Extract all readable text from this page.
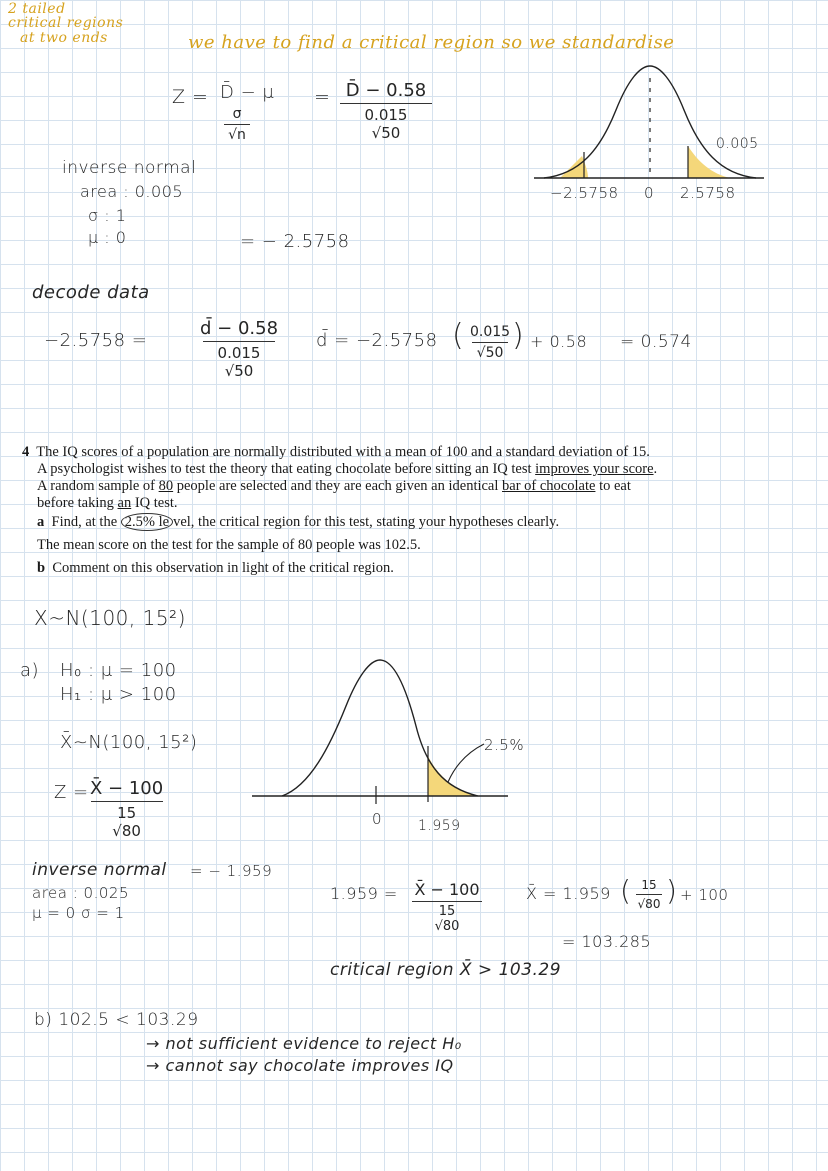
2 tailed
critical regions
at two ends	we have to find a critical region so we standardise
Z = D̄ − μ
σ
√n
= D̄ − 0.58
0.015
√50
inverse normal
area : 0.005
σ : 1
μ : 0	= − 2.5758
0.005
−2.5758 0 2.5758
decode data
−2.5758 =
d̄ − 0.58
0.015
√50
d̄ = −2.5758 ( 0.015
√50 ) + 0.58 = 0.574

4 The IQ scores of a population are normally distributed with a mean of 100 and a standard deviation of 15. A psychologist wishes to test the theory that eating chocolate before sitting an IQ test improves your score. A random sample of 80 people are selected and they are each given an identical bar of chocolate to eat before taking an IQ test.

a Find, at the 2.5% le vel, the critical region for this test, stating your hypotheses clearly.

The mean score on the test for the sample of 80 people was 102.5.

b Comment on this observation in light of the critical region.

X~N(100, 15²)
a) H₀ : μ = 100
H₁ : μ > 100
X̄~N(100, 15²)
Z = X̄ − 100
15
√80
inverse normal
area : 0.025
μ = 0 σ = 1
= − 1.959
0	1.959
2.5%
1.959 = X̄ − 100
15
√80
X̄ = 1.959 ( 15
√80 ) + 100
= 103.285
critical region X̄ > 103.29
b) 102.5 < 103.29
→ not sufficient evidence to reject H₀
→ cannot say chocolate improves IQ
